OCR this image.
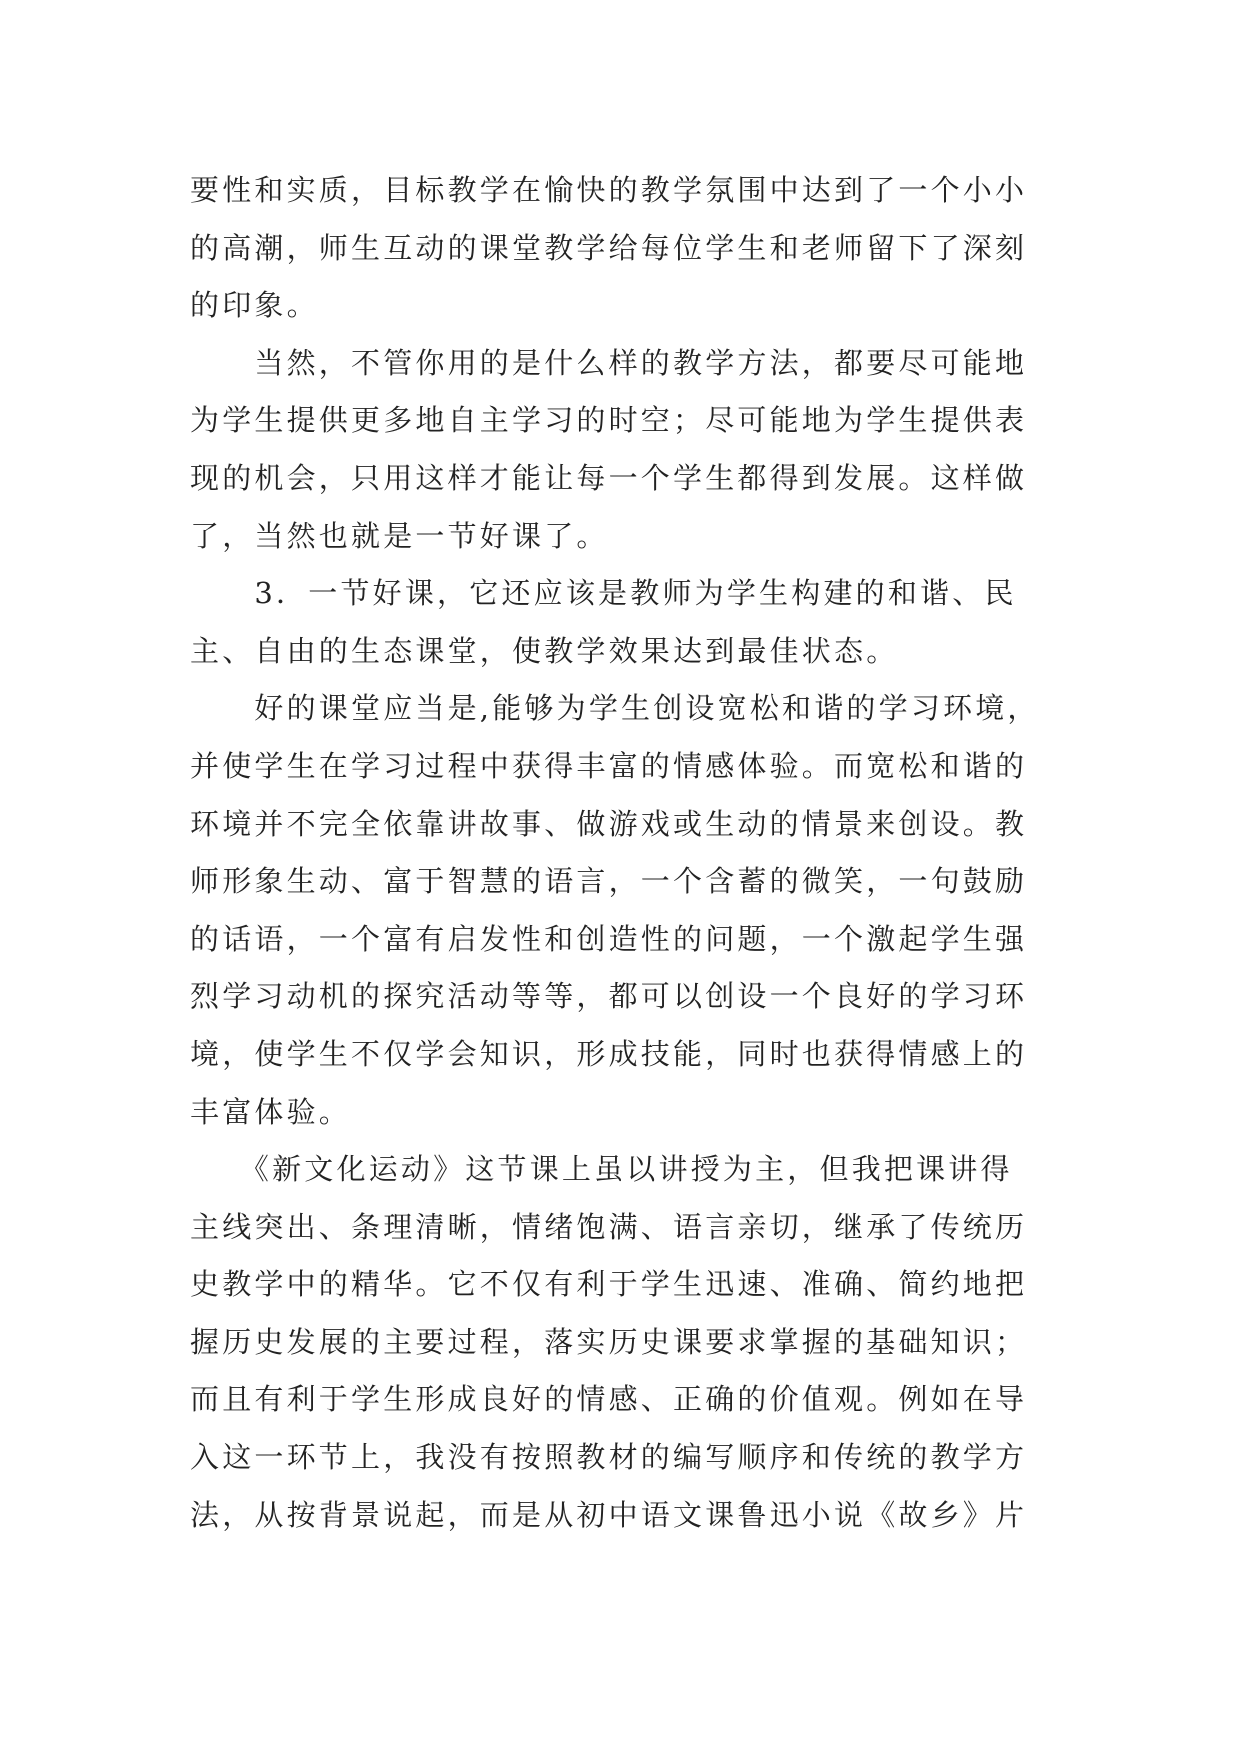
要性和实质，目标教学在愉快的教学氛围中达到了一个小小
的高潮，师生互动的课堂教学给每位学生和老师留下了深刻
的印象。
　　当然，不管你用的是什么样的教学方法，都要尽可能地
为学生提供更多地自主学习的时空；尽可能地为学生提供表
现的机会，只用这样才能让每一个学生都得到发展。这样做
了，当然也就是一节好课了。
　　3．一节好课，它还应该是教师为学生构建的和谐、民
主、自由的生态课堂，使教学效果达到最佳状态。
　　好的课堂应当是,能够为学生创设宽松和谐的学习环境，
并使学生在学习过程中获得丰富的情感体验。而宽松和谐的
环境并不完全依靠讲故事、做游戏或生动的情景来创设。教
师形象生动、富于智慧的语言，一个含蓄的微笑，一句鼓励
的话语，一个富有启发性和创造性的问题，一个激起学生强
烈学习动机的探究活动等等，都可以创设一个良好的学习环
境，使学生不仅学会知识，形成技能，同时也获得情感上的
丰富体验。
　　《新文化运动》这节课上虽以讲授为主，但我把课讲得
主线突出、条理清晰，情绪饱满、语言亲切，继承了传统历
史教学中的精华。它不仅有利于学生迅速、准确、简约地把
握历史发展的主要过程，落实历史课要求掌握的基础知识；
而且有利于学生形成良好的情感、正确的价值观。例如在导
入这一环节上，我没有按照教材的编写顺序和传统的教学方
法，从按背景说起，而是从初中语文课鲁迅小说《故乡》片
